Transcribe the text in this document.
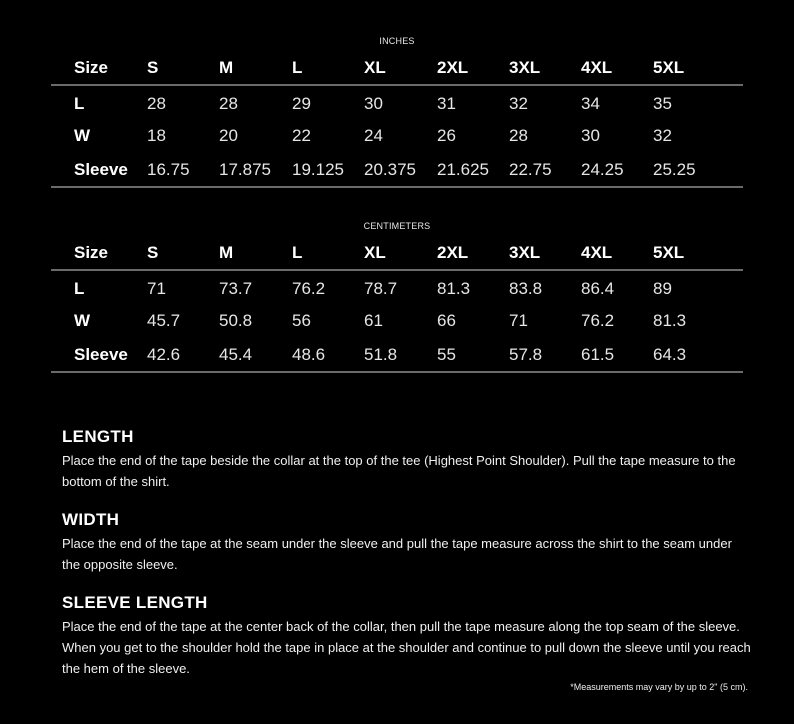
INCHES
Size S	M	L	XL	2XL 3XL 4XL 5XL
L	28	28	29	30	31	32	34	35
W	18	20	22	24	26	28	30	32
Sleeve 16.75 17.875 19.125 20.375 21.625 22.75 24.25 25.25
CENTIMETERS
Size S	M	L	XL	2XL 3XL 4XL 5XL
L	71	73.7 76.2 78.7 81.3 83.8 86.4 89
W	45.7 50.8 56	61	66	71	76.2 81.3
Sleeve 42.6 45.4 48.6 51.8 55	57.8 61.5 64.3
LENGTH

Place the end of the tape beside the collar at the top of the tee (Highest Point Shoulder). Pull the tape measure to the bottom of the shirt.

WIDTH

Place the end of the tape at the seam under the sleeve and pull the tape measure across the shirt to the seam under the opposite sleeve.

SLEEVE LENGTH

Place the end of the tape at the center back of the collar, then pull the tape measure along the top seam of the sleeve. When you get to the shoulder hold the tape in place at the shoulder and continue to pull down the sleeve until you reach the hem of the sleeve.

*Measurements may vary by up to 2" (5 cm).
